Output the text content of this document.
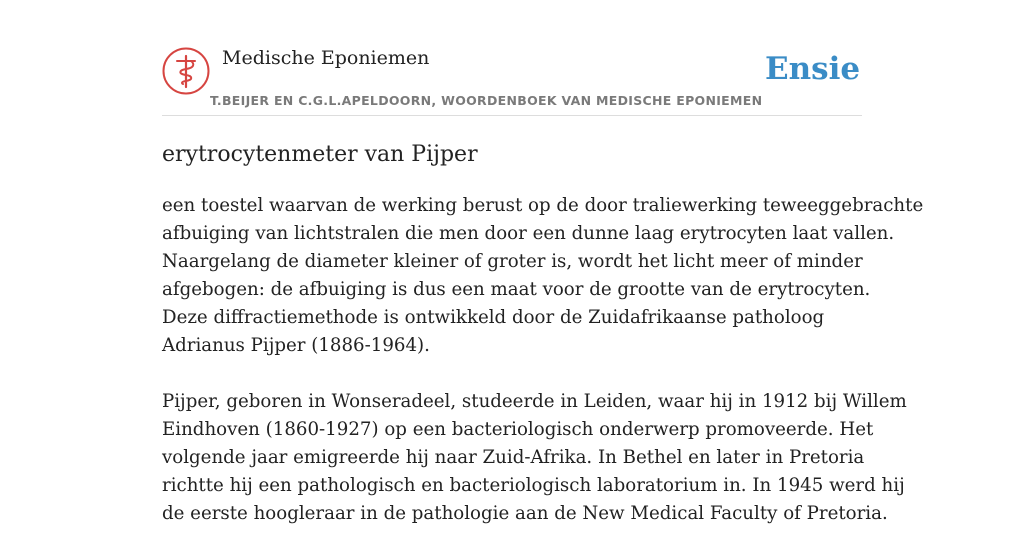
Medische Eponiemen
T.BEIJER EN C.G.L.APELDOORN, WOORDENBOEK VAN MEDISCHE EPONIEMEN
Ensie
erytrocytenmeter van Pijper

een toestel waarvan de werking berust op de door traliewerking teweeggebrachte
afbuiging van lichtstralen die men door een dunne laag erytrocyten laat vallen.
Naargelang de diameter kleiner of groter is, wordt het licht meer of minder
afgebogen: de afbuiging is dus een maat voor de grootte van de erytrocyten.
Deze diffractiemethode is ontwikkeld door de Zuidafrikaanse patholoog
Adrianus Pijper (1886-1964).

Pijper, geboren in Wonseradeel, studeerde in Leiden, waar hij in 1912 bij Willem
Eindhoven (1860-1927) op een bacteriologisch onderwerp promoveerde. Het
volgende jaar emigreerde hij naar Zuid-Afrika. In Bethel en later in Pretoria
richtte hij een pathologisch en bacteriologisch laboratorium in. In 1945 werd hij
de eerste hoogleraar in de pathologie aan de New Medical Faculty of Pretoria.
